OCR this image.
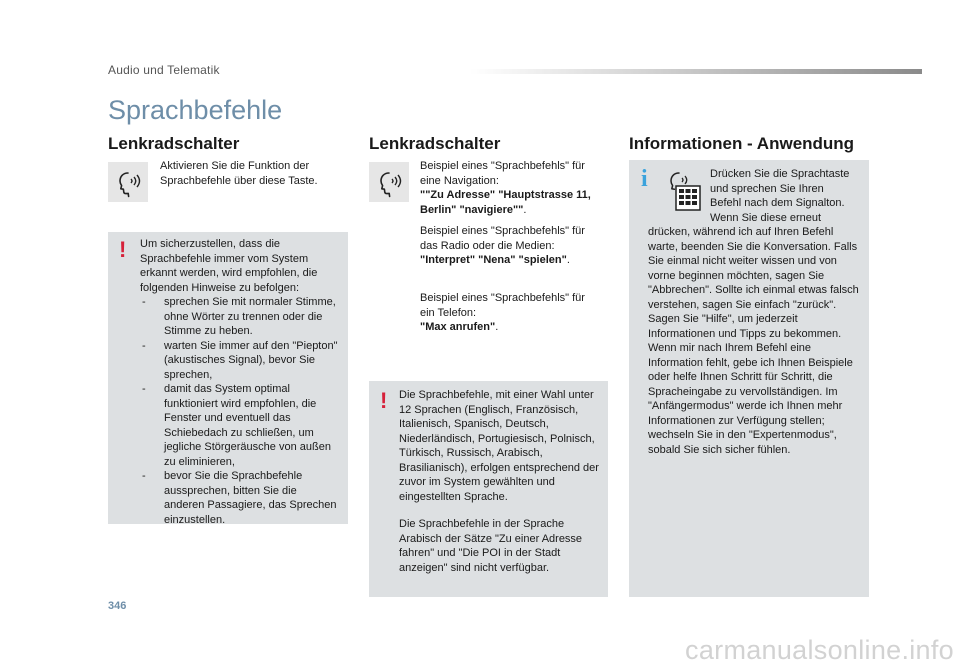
Audio und Telematik
Sprachbefehle
Lenkradschalter
Aktivieren Sie die Funktion der Sprachbefehle über diese Taste.
! Um sicherzustellen, dass die Sprachbefehle immer vom System erkannt werden, wird empfohlen, die folgenden Hinweise zu befolgen:
- sprechen Sie mit normaler Stimme, ohne Wörter zu trennen oder die Stimme zu heben.
- warten Sie immer auf den "Piepton" (akustisches Signal), bevor Sie sprechen,
- damit das System optimal funktioniert wird empfohlen, die Fenster und eventuell das Schiebedach zu schließen, um jegliche Störgeräusche von außen zu eliminieren,
- bevor Sie die Sprachbefehle aussprechen, bitten Sie die anderen Passagiere, das Sprechen einzustellen.
Lenkradschalter
Beispiel eines "Sprachbefehls" für eine Navigation:
""Zu Adresse" "Hauptstrasse 11, Berlin" "navigiere"".
Beispiel eines "Sprachbefehls" für das Radio oder die Medien:
"Interpret" "Nena" "spielen".
Beispiel eines "Sprachbefehls" für ein Telefon:
"Max anrufen".
! Die Sprachbefehle, mit einer Wahl unter 12 Sprachen (Englisch, Französisch, Italienisch, Spanisch, Deutsch, Niederländisch, Portugiesisch, Polnisch, Türkisch, Russisch, Arabisch, Brasilianisch), erfolgen entsprechend der zuvor im System gewählten und eingestellten Sprache.
Die Sprachbefehle in der Sprache Arabisch der Sätze "Zu einer Adresse fahren" und "Die POI in der Stadt anzeigen" sind nicht verfügbar.
Informationen - Anwendung
i	Drücken Sie die Sprachtaste
und sprechen Sie Ihren
Befehl nach dem Signalton.
Wenn Sie diese erneut
drücken, während ich auf Ihren Befehl warte, beenden Sie die Konversation. Falls Sie einmal nicht weiter wissen und von vorne beginnen möchten, sagen Sie "Abbrechen". Sollte ich einmal etwas falsch verstehen, sagen Sie einfach "zurück". Sagen Sie "Hilfe", um jederzeit Informationen und Tipps zu bekommen. Wenn mir nach Ihrem Befehl eine Information fehlt, gebe ich Ihnen Beispiele oder helfe Ihnen Schritt für Schritt, die Spracheingabe zu vervollständigen. Im "Anfängermodus" werde ich Ihnen mehr Informationen zur Verfügung stellen; wechseln Sie in den "Expertenmodus", sobald Sie sich sicher fühlen.
346
carmanualsonline.info
